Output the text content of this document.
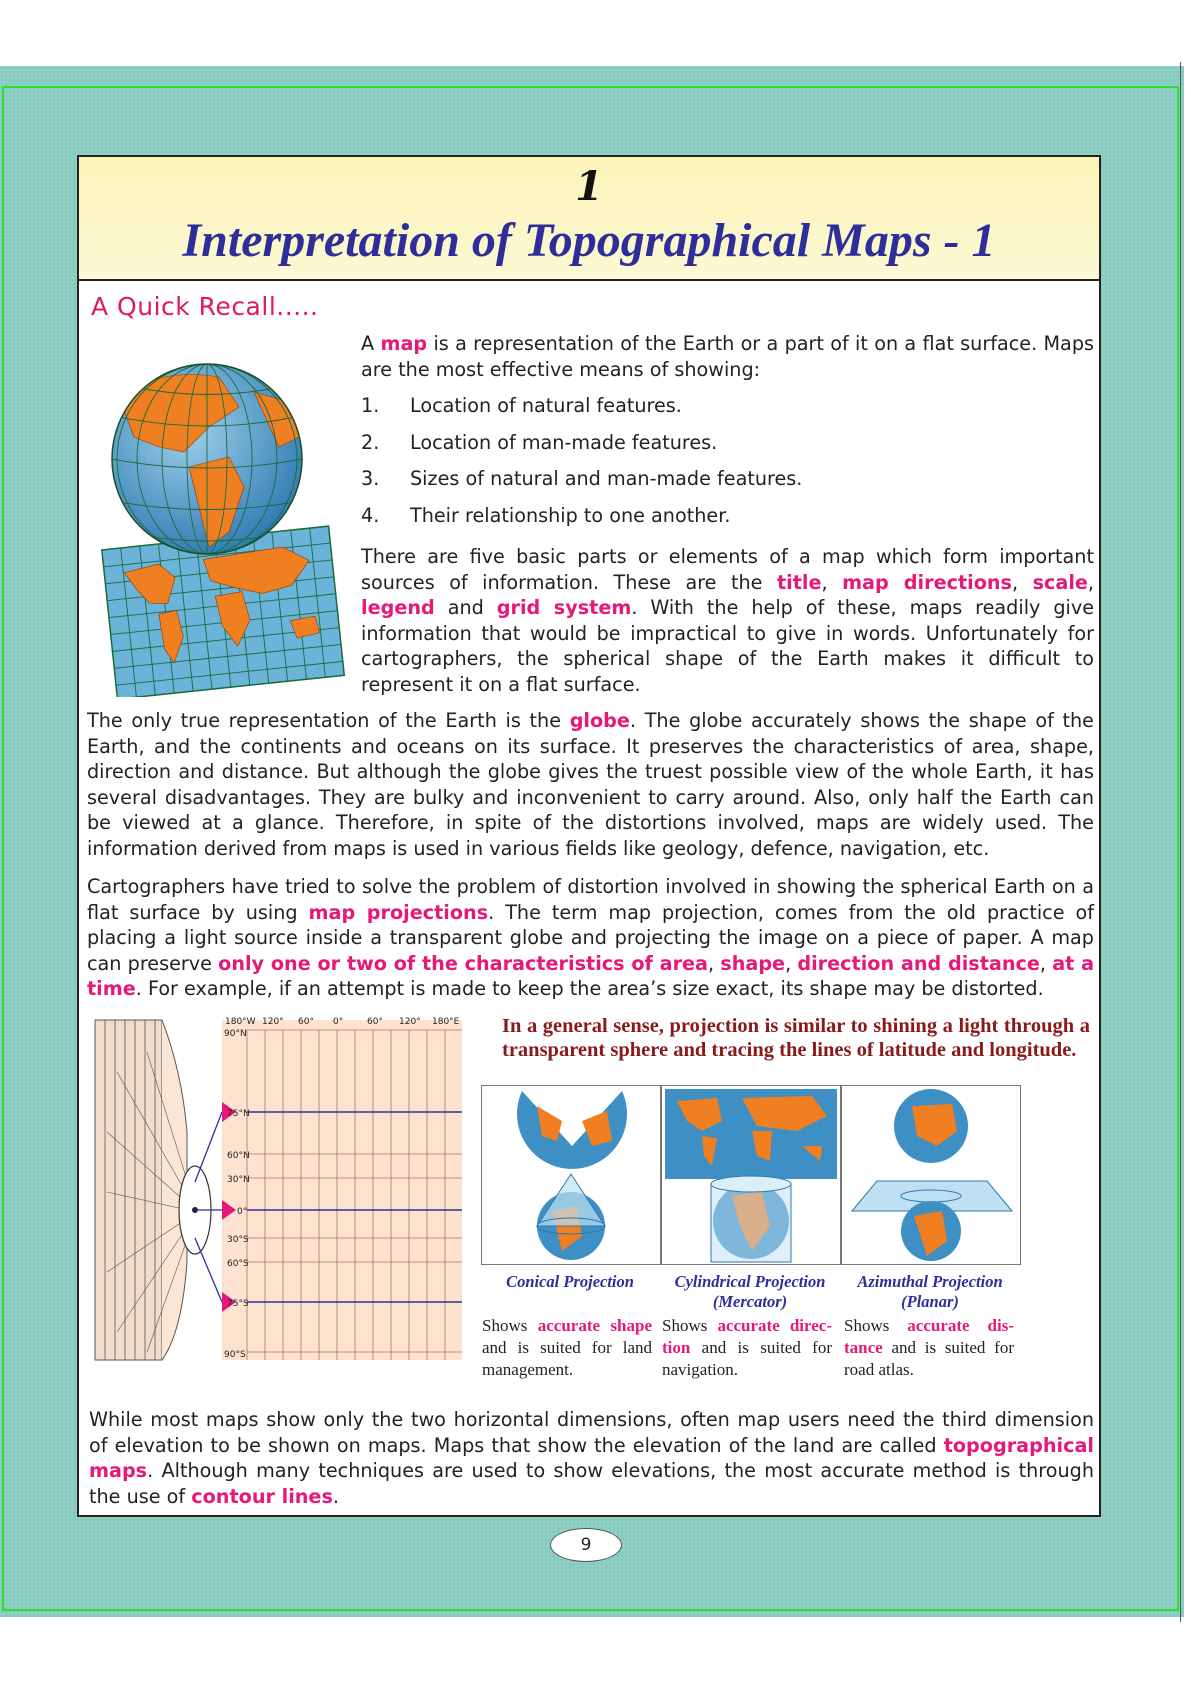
1
Interpretation of Topographical Maps - 1
A Quick Recall.....
A map is a representation of the Earth or a part of it on a flat surface. Maps are the most effective means of showing:
1.	Location of natural features.
2.	Location of man-made features.
3.	Sizes of natural and man-made features.
4.	Their relationship to one another.
There are five basic parts or elements of a map which form important sources of information. These are the title, map directions, scale, legend and grid system. With the help of these, maps readily give information that would be impractical to give in words. Unfortunately for cartographers, the spherical shape of the Earth makes it difficult to represent it on a flat surface.
The only true representation of the Earth is the globe. The globe accurately shows the shape of the Earth, and the continents and oceans on its surface. It preserves the characteristics of area, shape, direction and distance. But although the globe gives the truest possible view of the whole Earth, it has several disadvantages. They are bulky and inconvenient to carry around. Also, only half the Earth can be viewed at a glance. Therefore, in spite of the distortions involved, maps are widely used. The information derived from maps is used in various fields like geology, defence, navigation, etc.
Cartographers have tried to solve the problem of distortion involved in showing the spherical Earth on a flat surface by using map projections. The term map projection, comes from the old practice of placing a light source inside a transparent globe and projecting the image on a piece of paper. A map can preserve only one or two of the characteristics of area, shape, direction and distance, at a time. For example, if an attempt is made to keep the area’s size exact, its shape may be distorted.
180°W 120° 60° 0°	60° 120° 180°E
90°N
75°N
60°N
30°N
0°
30°S
60°S
75°S
90°S
In a general sense, projection is similar to shining a light through a transparent sphere and tracing the lines of latitude and longitude.
Conical Projection	Cylindrical Projection
(Mercator)
Azimuthal Projection
(Planar)
Shows accurate shape and is suited for land management.
Shows accurate direc-tion and is suited for navigation.
Shows accurate dis-tance and is suited for road atlas.
While most maps show only the two horizontal dimensions, often map users need the third dimension of elevation to be shown on maps. Maps that show the elevation of the land are called topographical maps. Although many techniques are used to show elevations, the most accurate method is through the use of contour lines.
9
